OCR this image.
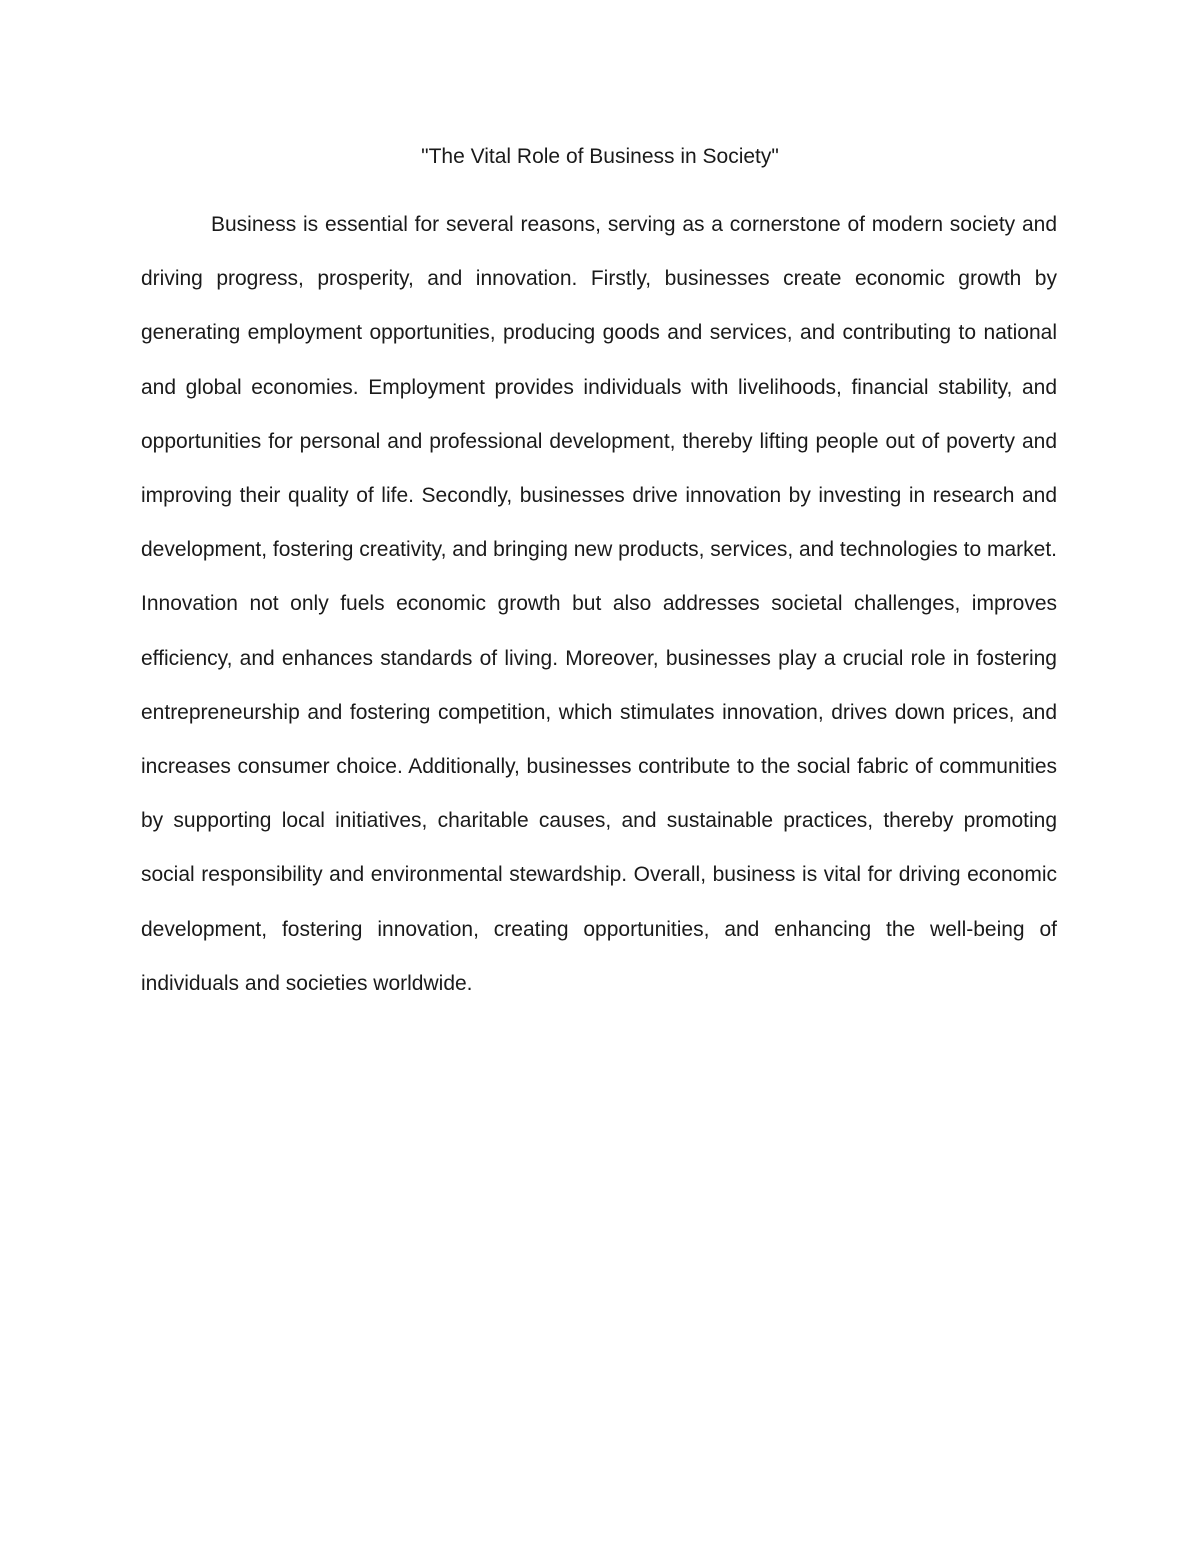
"The Vital Role of Business in Society"

Business is essential for several reasons, serving as a cornerstone of modern society and driving progress, prosperity, and innovation. Firstly, businesses create economic growth by generating employment opportunities, producing goods and services, and contributing to national and global economies. Employment provides individuals with livelihoods, financial stability, and opportunities for personal and professional development, thereby lifting people out of poverty and improving their quality of life. Secondly, businesses drive innovation by investing in research and development, fostering creativity, and bringing new products, services, and technologies to market. Innovation not only fuels economic growth but also addresses societal challenges, improves efficiency, and enhances standards of living. Moreover, businesses play a crucial role in fostering entrepreneurship and fostering competition, which stimulates innovation, drives down prices, and increases consumer choice. Additionally, businesses contribute to the social fabric of communities by supporting local initiatives, charitable causes, and sustainable practices, thereby promoting social responsibility and environmental stewardship. Overall, business is vital for driving economic development, fostering innovation, creating opportunities, and enhancing the well-being of individuals and societies worldwide.
